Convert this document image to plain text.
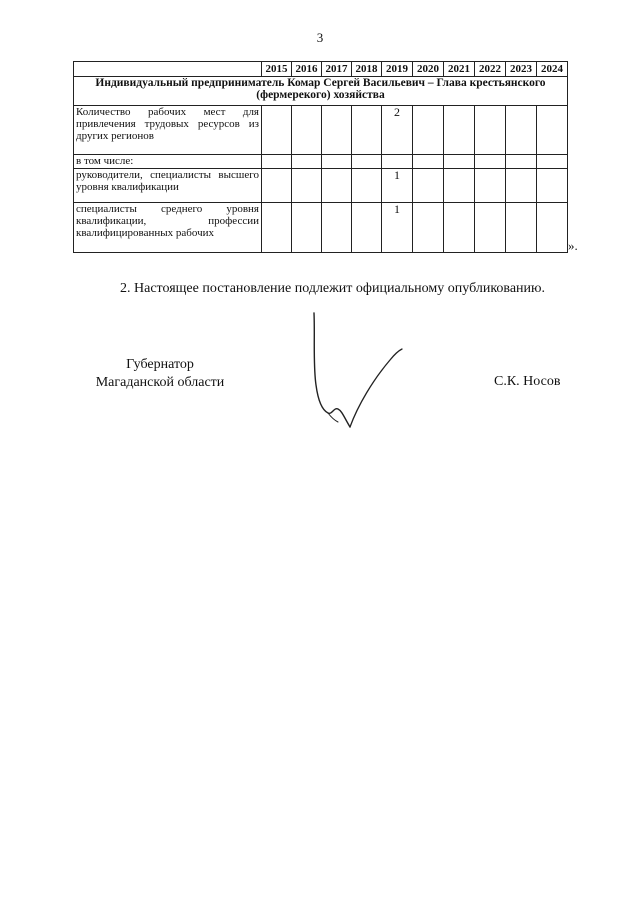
3
	2015	2016	2017	2018	2019	2020	2021	2022	2023	2024
Индивидуальный предприниматель Комар Сергей Васильевич – Глава крестьянского (фермерекого) хозяйства										
Количество рабочих мест для привлечения трудовых ресурсов из других регионов					2					
в том числе:										
руководители, специалисты высшего уровня квалификации					1					
специалисты среднего уровня квалификации, профессии квалифицированных рабочих					1					
».
2. Настоящее постановление подлежит официальному опубликованию.
Губернатор
Магаданской области	С.К. Носов
